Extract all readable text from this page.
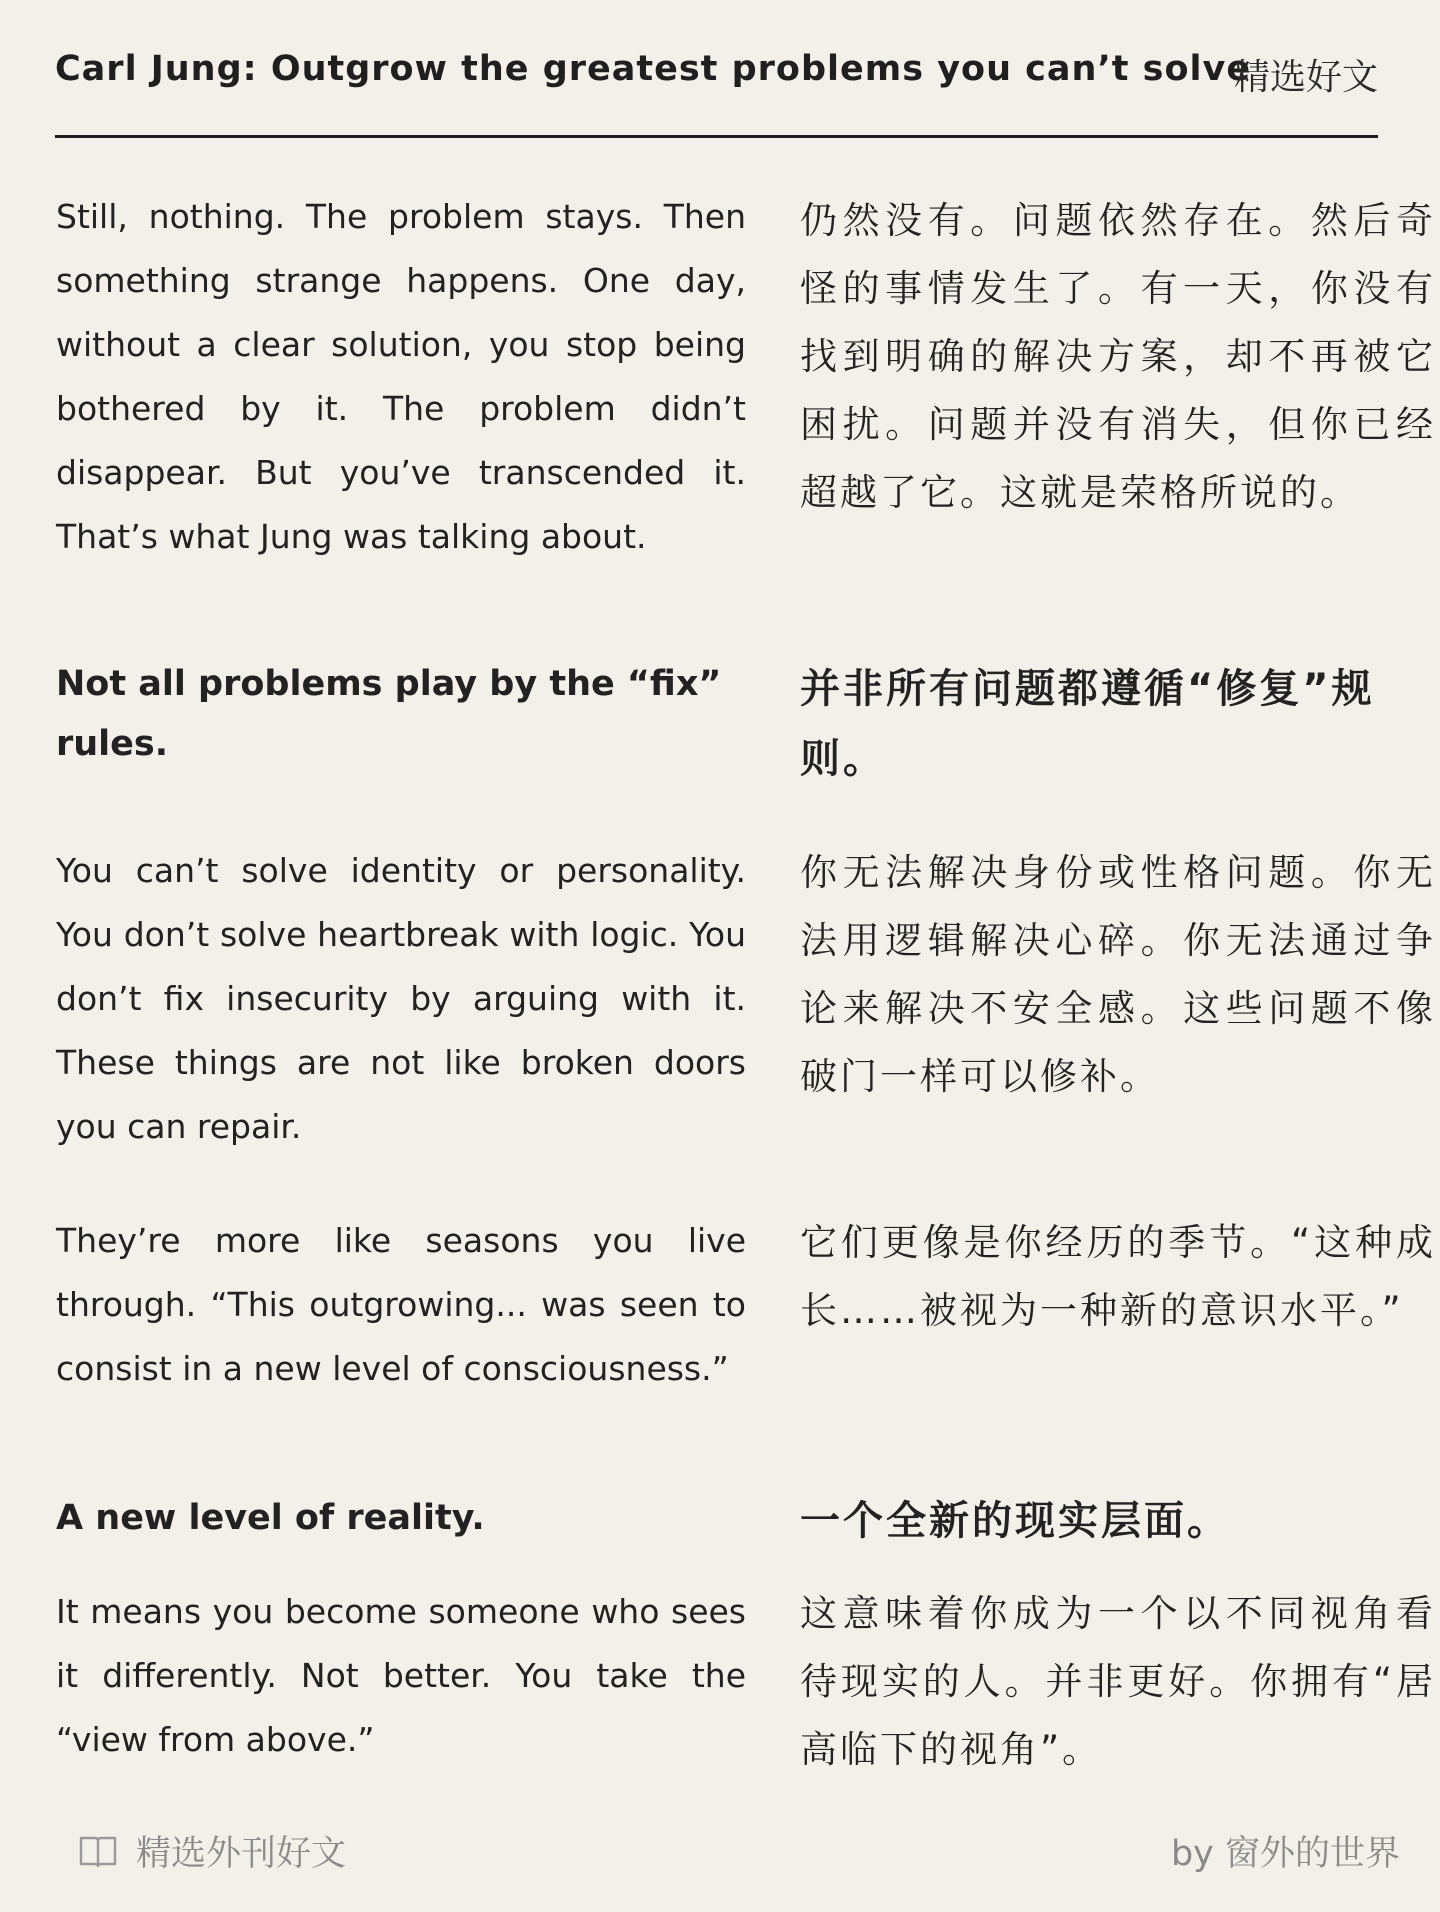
Carl Jung: Outgrow the greatest problems you can’t solve
精选好文

Still, nothing. The problem stays. Then something strange happens. One day, without a clear solution, you stop being bothered by it. The problem didn’t disappear. But you’ve transcended it. That’s what Jung was talking about.

仍然没有。问题依然存在。然后奇怪的事情发生了。有一天，你没有找到明确的解决方案，却不再被它困扰。问题并没有消失，但你已经超越了它。这就是荣格所说的。

Not all problems play by the “fix” rules.

并非所有问题都遵循“修复”规则。

You can’t solve identity or personality. You don’t solve heartbreak with logic. You don’t fix insecurity by arguing with it. These things are not like broken doors you can repair.

你无法解决身份或性格问题。你无法用逻辑解决心碎。你无法通过争论来解决不安全感。这些问题不像破门一样可以修补。

They’re more like seasons you live through. “This outgrowing... was seen to consist in a new level of consciousness.”

它们更像是你经历的季节。“这种成长……被视为一种新的意识水平。”

A new level of reality.	一个全新的现实层面。

It means you become someone who sees it differently. Not better. You take the “view from above.”

这意味着你成为一个以不同视角看待现实的人。并非更好。你拥有“居高临下的视角”。

精选外刊好文	by 窗外的世界
